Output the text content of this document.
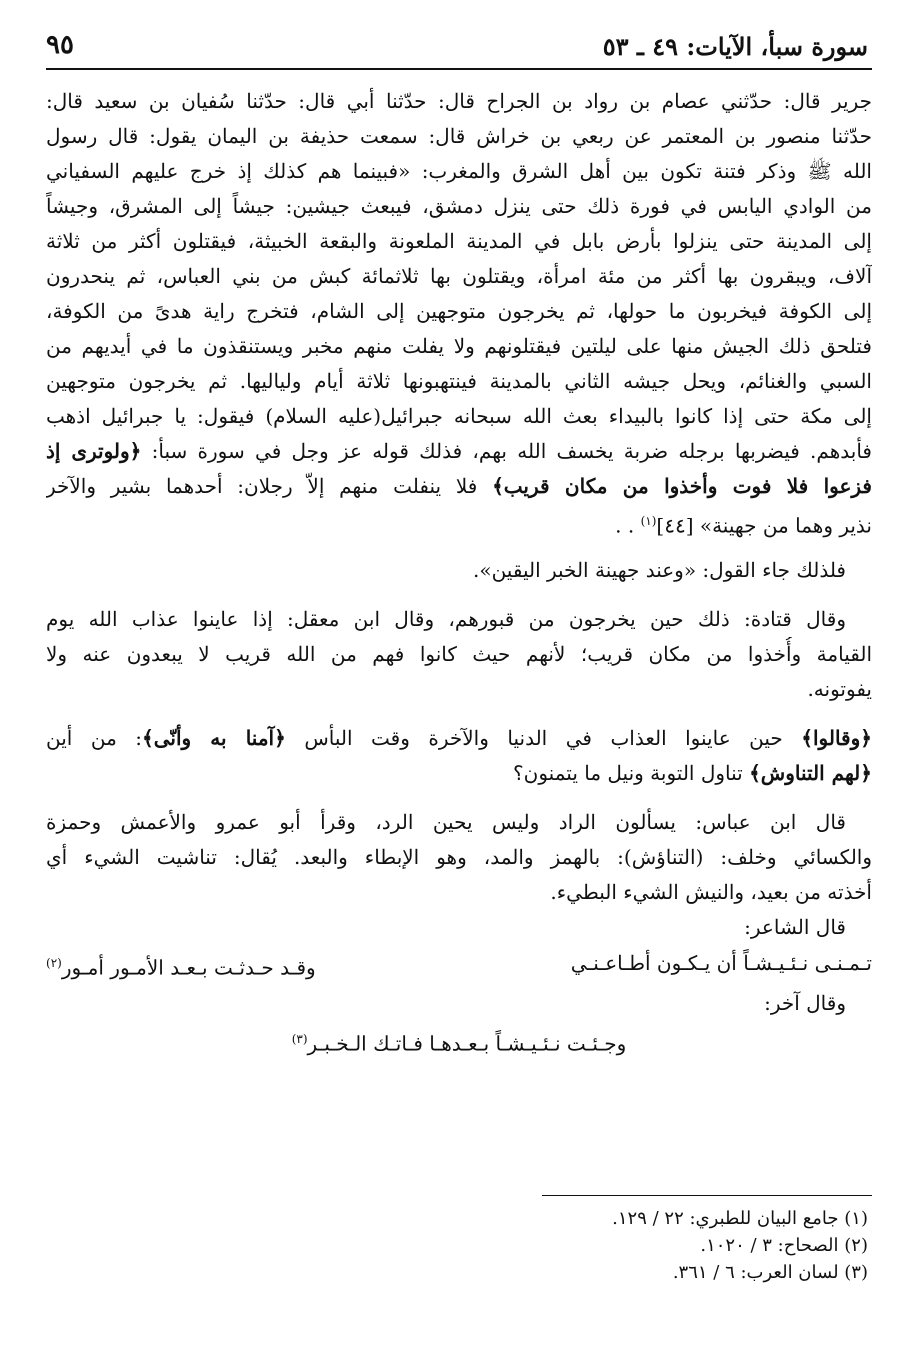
سورة سبأ، الآيات: ٤٩ ـ ٥٣
٩٥
جرير قال: حدّثني عصام بن رواد بن الجراح قال: حدّثنا أبي قال: حدّثنا سُفيان بن سعيد قال:
حدّثنا منصور بن المعتمر عن ربعي بن خراش قال: سمعت حذيفة بن اليمان يقول: قال رسول
الله ﷺ وذكر فتنة تكون بين أهل الشرق والمغرب: «فبينما هم كذلك إذ خرج عليهم السفياني
من الوادي اليابس في فورة ذلك حتى ينزل دمشق، فيبعث جيشين: جيشاً إلى المشرق، وجيشاً
إلى المدينة حتى ينزلوا بأرض بابل في المدينة الملعونة والبقعة الخبيثة، فيقتلون أكثر من ثلاثة
آلاف، ويبقرون بها أكثر من مئة امرأة، ويقتلون بها ثلاثمائة كبش من بني العباس، ثم ينحدرون
إلى الكوفة فيخربون ما حولها، ثم يخرجون متوجهين إلى الشام، فتخرج راية هدىً من الكوفة،
فتلحق ذلك الجيش منها على ليلتين فيقتلونهم ولا يفلت منهم مخبر ويستنقذون ما في أيديهم من
السبي والغنائم، ويحل جيشه الثاني بالمدينة فينتهبونها ثلاثة أيام ولياليها. ثم يخرجون متوجهين
إلى مكة حتى إذا كانوا بالبيداء بعث الله سبحانه جبرائيل(عليه السلام) فيقول: يا جبرائيل اذهب
فأبدهم. فيضربها برجله ضربة يخسف الله بهم، فذلك قوله عز وجل في سورة سبأ: ﴿ولوترى إذ
فزعوا فلا فوت وأخذوا من مكان قريب﴾ فلا ينفلت منهم إلاّ رجلان: أحدهما بشير والآخر
نذير وهما من جهينة» [٤٤]$^{(١)}$ . .
فلذلك جاء القول: «وعند جهينة الخبر اليقين».
وقال قتادة: ذلك حين يخرجون من قبورهم، وقال ابن معقل: إذا عاينوا عذاب الله يوم
القيامة وأُخذوا من مكان قريب؛ لأنهم حيث كانوا فهم من الله قريب لا يبعدون عنه ولا
يفوتونه.
﴿وقالوا﴾ حين عاينوا العذاب في الدنيا والآخرة وقت البأس ﴿آمنا به وأنّى﴾: من أين
﴿لهم التناوش﴾ تناول التوبة ونيل ما يتمنون؟
قال ابن عباس: يسألون الراد وليس يحين الرد، وقرأ أبو عمرو والأعمش وحمزة
والكسائي وخلف: (التناؤش): بالهمز والمد، وهو الإبطاء والبعد. يُقال: تناشيت الشيء أي
أخذته من بعيد، والنيش الشيء البطيء.
قال الشاعر:
تـمـنـى نـئـيـشـاً أن يـكـون أطـاعـنـي
وقـد حـدثـت بـعـد الأمـور أمـور$^{(٢)}$
وقال آخر:
وجـئـت نـئـيـشـاً بـعـدهـا فـاتـك الـخـبـر$^{(٣)}$
(١) جامع البيان للطبري: ٢٢ / ١٢٩.
(٢) الصحاح: ٣ / ١٠٢٠.
(٣) لسان العرب: ٦ / ٣٦١.
